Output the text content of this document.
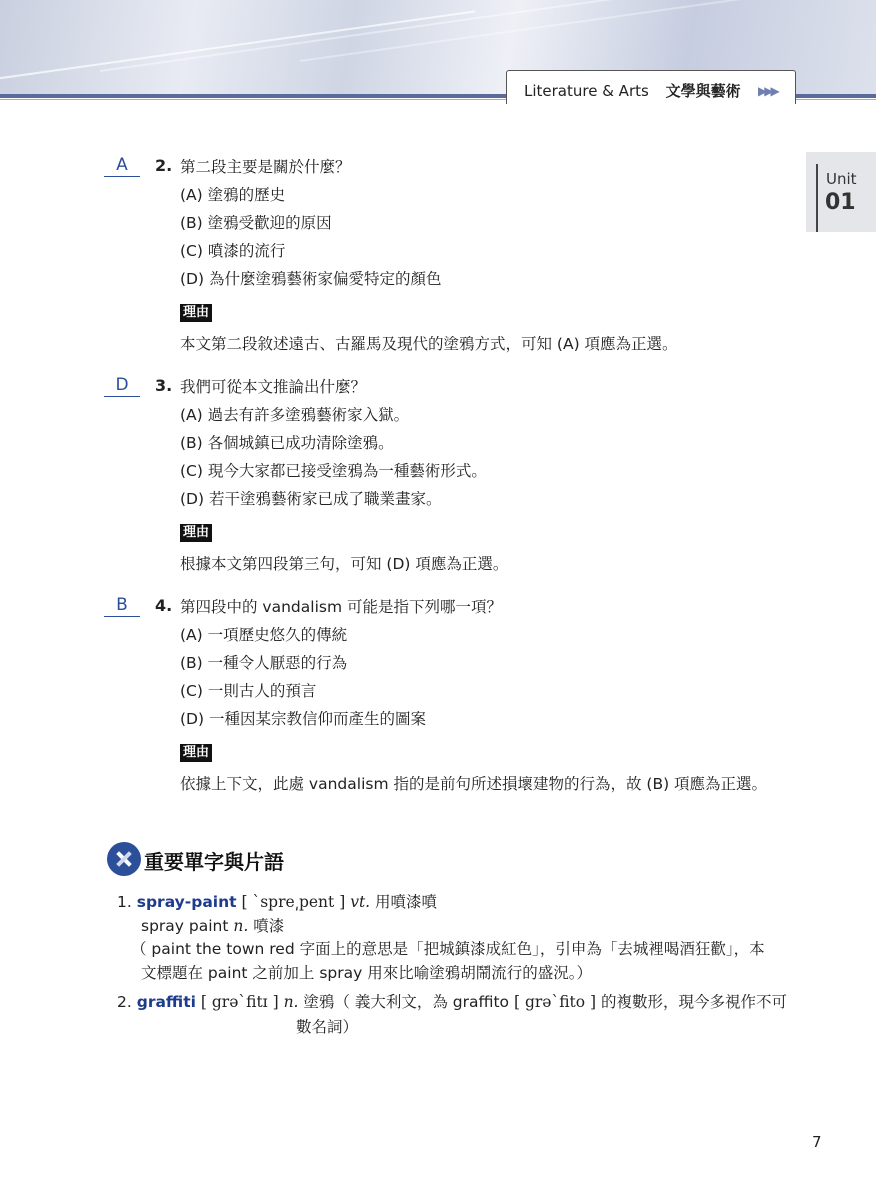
Literature & Arts 文學與藝術 ▶▶▶
Unit
01
A	2. 第二段主要是關於什麼？
(A) 塗鴉的歷史
(B) 塗鴉受歡迎的原因
(C) 噴漆的流行
(D) 為什麼塗鴉藝術家偏愛特定的顏色
理由
本文第二段敘述遠古、古羅馬及現代的塗鴉方式，可知 (A) 項應為正選。
D	3. 我們可從本文推論出什麼？
(A) 過去有許多塗鴉藝術家入獄。
(B) 各個城鎮已成功清除塗鴉。
(C) 現今大家都已接受塗鴉為一種藝術形式。
(D) 若干塗鴉藝術家已成了職業畫家。
理由
根據本文第四段第三句，可知 (D) 項應為正選。
B	4. 第四段中的 vandalism 可能是指下列哪一項？
(A) 一項歷史悠久的傳統
(B) 一種令人厭惡的行為
(C) 一則古人的預言
(D) 一種因某宗教信仰而產生的圖案
理由
依據上下文，此處 vandalism 指的是前句所述損壞建物的行為，故 (B) 項應為正選。
重要單字與片語
1. spray-paint [ ˋspre͵pent ] vt. 用噴漆噴
spray paint n. 噴漆
（ paint the town red 字面上的意思是「把城鎮漆成紅色」，引申為「去城裡喝酒狂歡」，本
文標題在 paint 之前加上 spray 用來比喻塗鴉胡鬧流行的盛況。）
2. graffiti [ grəˋfitɪ ] n. 塗鴉（ 義大利文，為 graffito [ grəˋfito ] 的複數形，現今多視作不可
數名詞）
7
